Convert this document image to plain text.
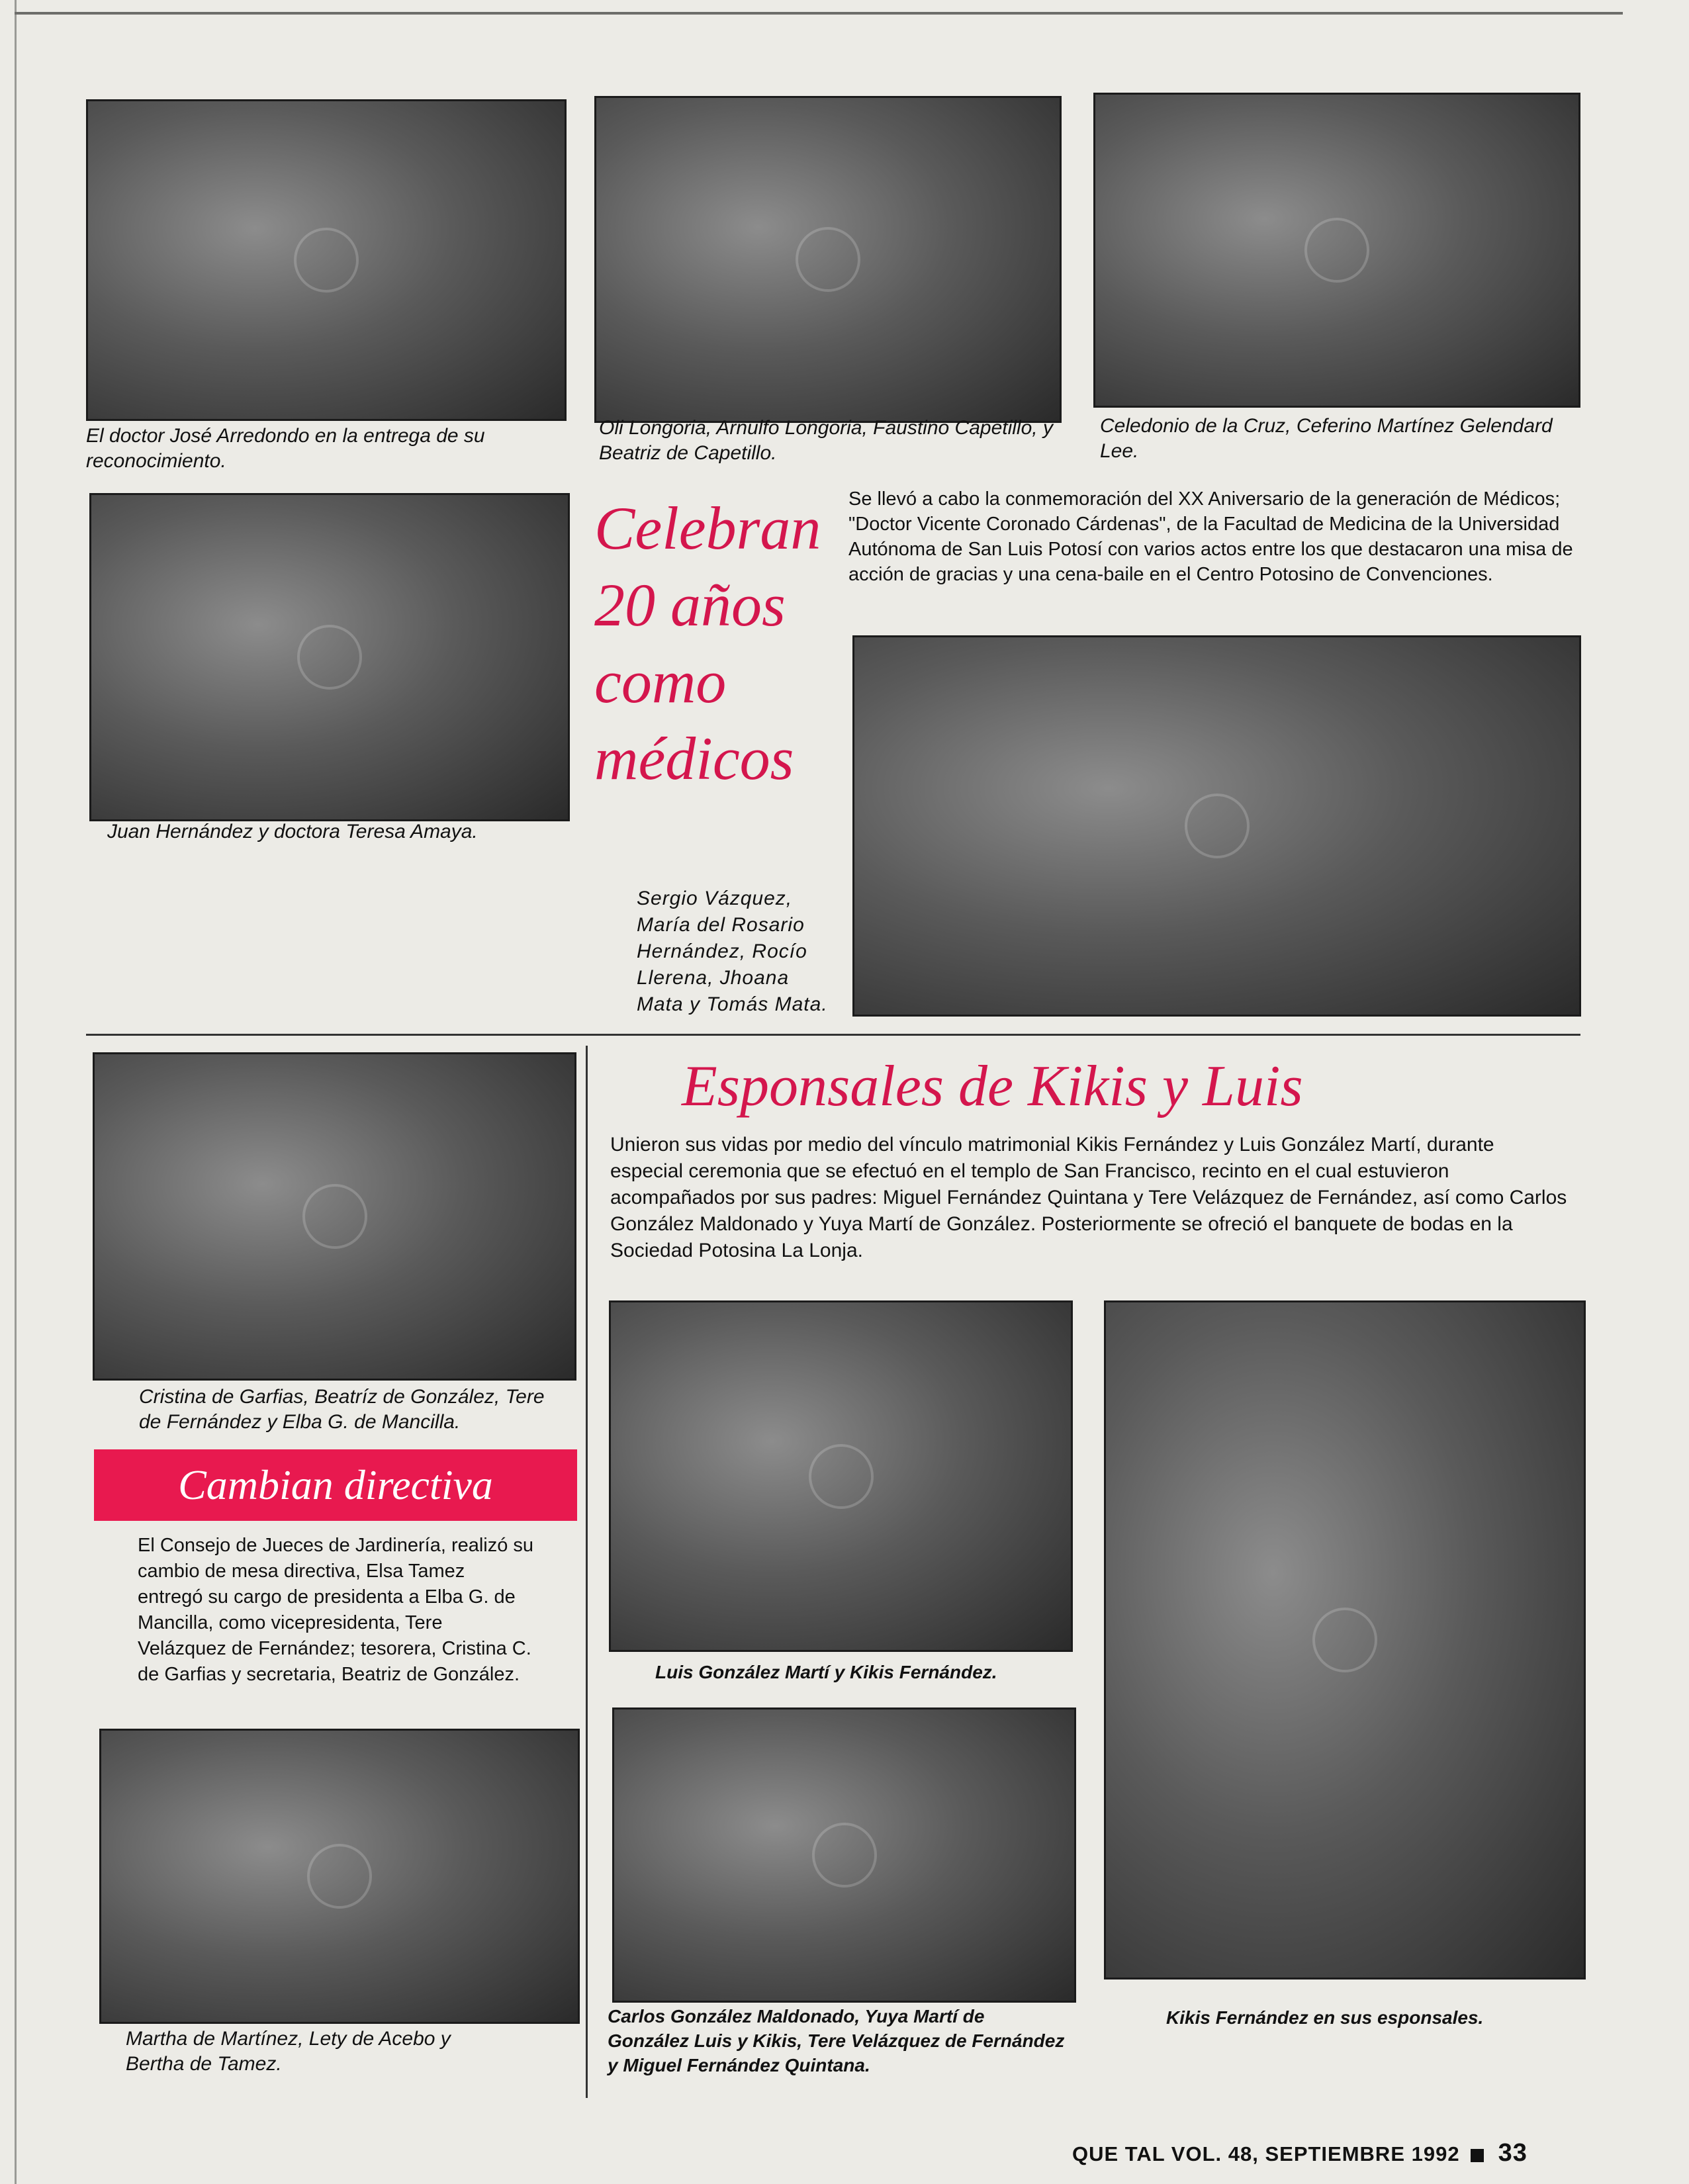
El doctor José Arredondo en la entrega de su reconocimiento.
Oli Longoria, Arnulfo Longoria, Faustino Capetillo, y Beatriz de Capetillo.
Celedonio de la Cruz, Ceferino Martínez Gelendard Lee.
Juan Hernández y doctora Teresa Amaya.
Celebran
20 años
como
médicos
Se llevó a cabo la conmemoración del XX Aniversario de la generación de Médicos; "Doctor Vicente Coronado Cárdenas", de la Facultad de Medicina de la Universidad Autónoma de San Luis Potosí con varios actos entre los que destacaron una misa de acción de gracias y una cena-baile en el Centro Potosino de Convenciones.
Sergio Vázquez, María del Rosario Hernández, Rocío Llerena, Jhoana Mata y Tomás Mata.
Cristina de Garfias, Beatríz de González, Tere de Fernández y Elba G. de Mancilla.
Cambian directiva
El Consejo de Jueces de Jardinería, realizó su cambio de mesa directiva, Elsa Tamez entregó su cargo de presidenta a Elba G. de Mancilla, como vicepresidenta, Tere Velázquez de Fernández; tesorera, Cristina C. de Garfias y secretaria, Beatriz de González.
Martha de Martínez, Lety de Acebo y Bertha de Tamez.
Esponsales de Kikis y Luis
Unieron sus vidas por medio del vínculo matrimonial Kikis Fernández y Luis González Martí, durante especial ceremonia que se efectuó en el templo de San Francisco, recinto en el cual estuvieron acompañados por sus padres: Miguel Fernández Quintana y Tere Velázquez de Fernández, así como Carlos González Maldonado y Yuya Martí de González. Posteriormente se ofreció el banquete de bodas en la Sociedad Potosina La Lonja.
Luis González Martí y Kikis Fernández.
Carlos González Maldonado, Yuya Martí de González Luis y Kikis, Tere Velázquez de Fernández y Miguel Fernández Quintana.
Kikis Fernández en sus esponsales.
QUE TAL VOL. 48, SEPTIEMBRE 1992 33
